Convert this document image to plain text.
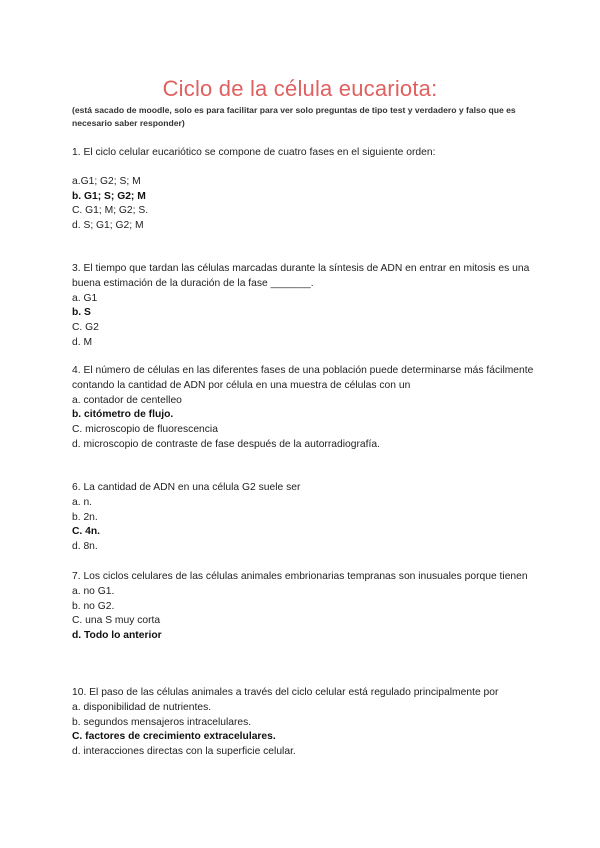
Ciclo de la célula eucariota:
(está sacado de moodle, solo es para facilitar para ver solo preguntas de tipo test y verdadero y falso que es necesario saber responder)

1. El ciclo celular eucariótico se compone de cuatro fases en el siguiente orden:

a.G1; G2; S; M

b. G1; S; G2; M

C. G1; M; G2; S.

d. S; G1; G2; M

3. El tiempo que tardan las células marcadas durante la síntesis de ADN en entrar en mitosis es una buena estimación de la duración de la fase _______.

a. G1

b. S

C. G2

d. M

4. El número de células en las diferentes fases de una población puede determinarse más fácilmente contando la cantidad de ADN por célula en una muestra de células con un

a. contador de centelleo

b. citómetro de flujo.

C. microscopio de fluorescencia

d. microscopio de contraste de fase después de la autorradiografía.

6. La cantidad de ADN en una célula G2 suele ser

a. n.

b. 2n.

C. 4n.

d. 8n.

7. Los ciclos celulares de las células animales embrionarias tempranas son inusuales porque tienen

a. no G1.

b. no G2.

C. una S muy corta

d. Todo lo anterior

10. El paso de las células animales a través del ciclo celular está regulado principalmente por

a. disponibilidad de nutrientes.

b. segundos mensajeros intracelulares.

C. factores de crecimiento extracelulares.

d. interacciones directas con la superficie celular.
